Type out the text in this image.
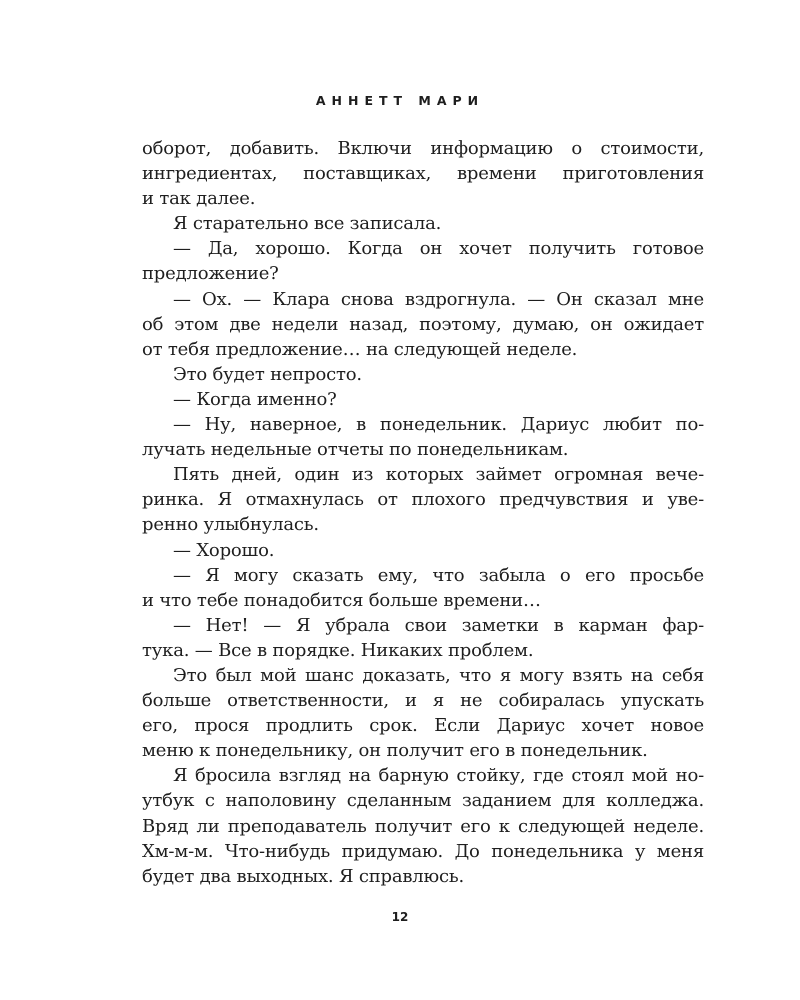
АННЕТТ МАРИ
оборот, добавить. Включи информацию о стоимости,
ингредиентах, поставщиках, времени приготовления
и так далее.
Я старательно все записала.
— Да, хорошо. Когда он хочет получить готовое
предложение?
— Ох. — Клара снова вздрогнула. — Он сказал мне
об этом две недели назад, поэтому, думаю, он ожидает
от тебя предложение… на следующей неделе.
Это будет непросто.
— Когда именно?
— Ну, наверное, в понедельник. Дариус любит по-
лучать недельные отчеты по понедельникам.
Пять дней, один из которых займет огромная вече-
ринка. Я отмахнулась от плохого предчувствия и уве-
ренно улыбнулась.
— Хорошо.
— Я могу сказать ему, что забыла о его просьбе
и что тебе понадобится больше времени…
— Нет! — Я убрала свои заметки в карман фар-
тука. — Все в порядке. Никаких проблем.
Это был мой шанс доказать, что я могу взять на себя
больше ответственности, и я не собиралась упускать
его, прося продлить срок. Если Дариус хочет новое
меню к понедельнику, он получит его в понедельник.
Я бросила взгляд на барную стойку, где стоял мой но-
утбук с наполовину сделанным заданием для колледжа.
Вряд ли преподаватель получит его к следующей неделе.
Хм-м-м. Что-нибудь придумаю. До понедельника у меня
будет два выходных. Я справлюсь.
12
